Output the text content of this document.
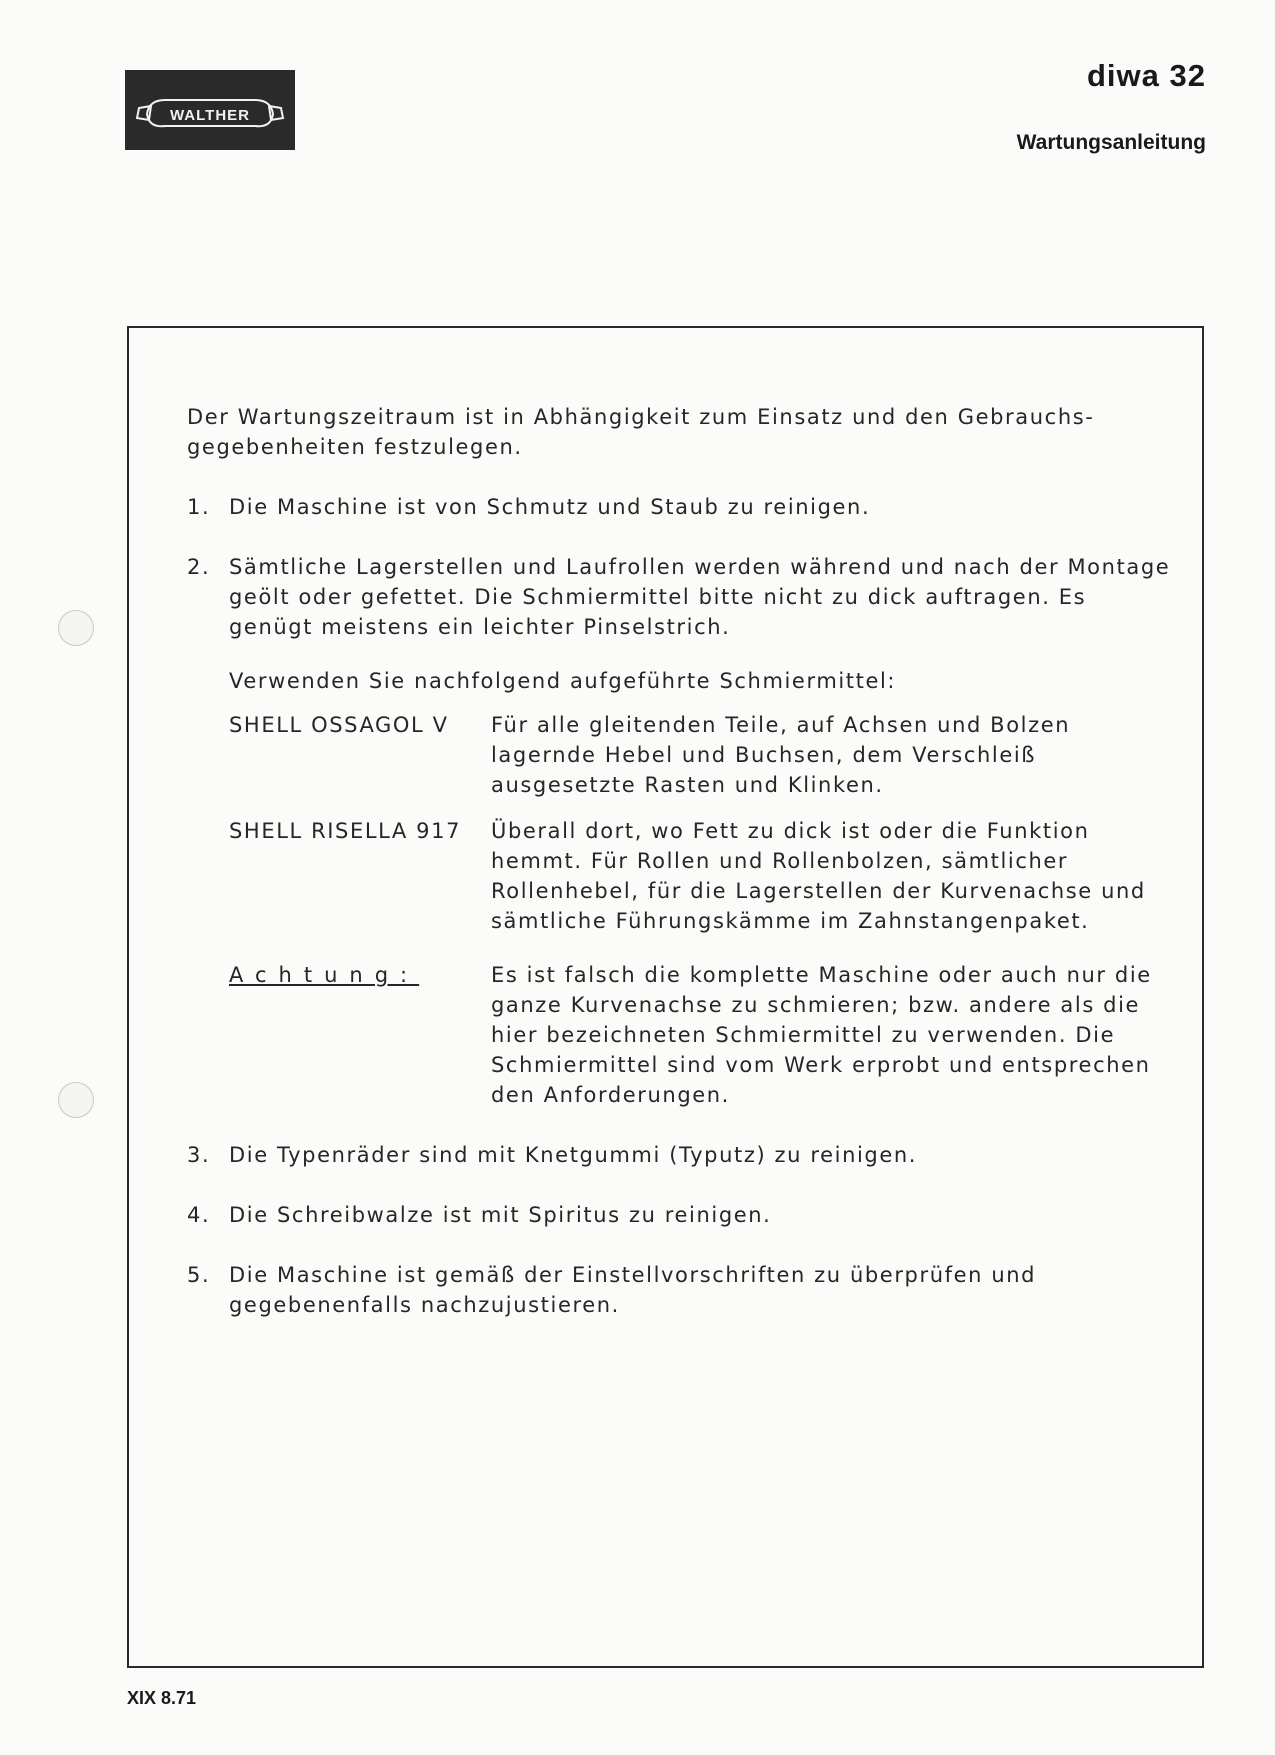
WALTHER
diwa 32
Wartungsanleitung

Der Wartungszeitraum ist in Abhängigkeit zum Einsatz und den Gebrauchs-gegebenheiten festzulegen.

1. Die Maschine ist von Schmutz und Staub zu reinigen.

2. Sämtliche Lagerstellen und Laufrollen werden während und nach der Montage geölt oder gefettet. Die Schmiermittel bitte nicht zu dick auftragen. Es genügt meistens ein leichter Pinselstrich.

Verwenden Sie nachfolgend aufgeführte Schmiermittel:

SHELL OSSAGOL V	Für alle gleitenden Teile, auf Achsen und Bolzen lagernde Hebel und Buchsen, dem Verschleiß ausgesetzte Rasten und Klinken.
SHELL RISELLA 917	Überall dort, wo Fett zu dick ist oder die Funktion hemmt. Für Rollen und Rollenbolzen, sämtlicher Rollenhebel, für die Lagerstellen der Kurvenachse und sämtliche Führungskämme im Zahnstangenpaket.
Achtung:	Es ist falsch die komplette Maschine oder auch nur die ganze Kurvenachse zu schmieren; bzw. andere als die hier bezeichneten Schmiermittel zu verwenden. Die Schmiermittel sind vom Werk erprobt und entsprechen den Anforderungen.

3. Die Typenräder sind mit Knetgummi (Typutz) zu reinigen.

4. Die Schreibwalze ist mit Spiritus zu reinigen.

5. Die Maschine ist gemäß der Einstellvorschriften zu überprüfen und gegebenenfalls nachzujustieren.

XIX 8.71
